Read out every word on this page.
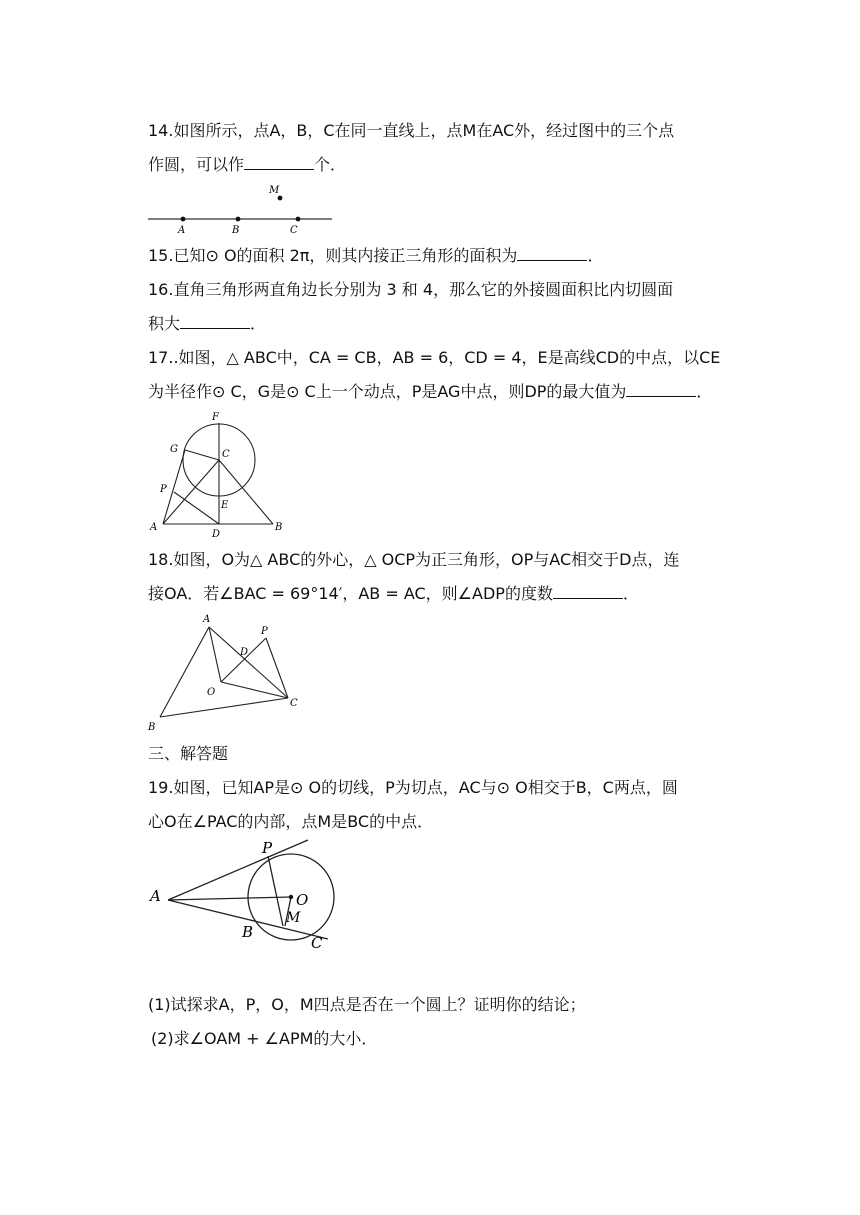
14.如图所示，点A，B，C在同一直线上，点M在AC外，经过图中的三个点
作圆，可以作	个．
A	B	C
M
15.已知⊙ O的面积 2π，则其内接正三角形的面积为	．
16.直角三角形两直角边长分别为 3 和 4，那么它的外接圆面积比内切圆面
积大	．
17..如图，△ ABC中，CA = CB，AB = 6，CD = 4，E是高线CD的中点，以CE
为半径作⊙ C，G是⊙ C上一个动点，P是AG中点，则DP的最大值为	．
F
G	C
P
E
A
D
B
18.如图，O为△ ABC的外心，△ OCP为正三角形，OP与AC相交于D点，连
接OA．若∠BAC = 69°14′，AB = AC，则∠ADP的度数	．
A
P
D
O
C
B
三、解答题
19.如图，已知AP是⊙ O的切线，P为切点，AC与⊙ O相交于B，C两点，圆
心O在∠PAC的内部，点M是BC的中点．
P
A	O
M
B
C
(1)试探求A，P，O，M四点是否在一个圆上？证明你的结论；
(2)求∠OAM + ∠APM的大小．
